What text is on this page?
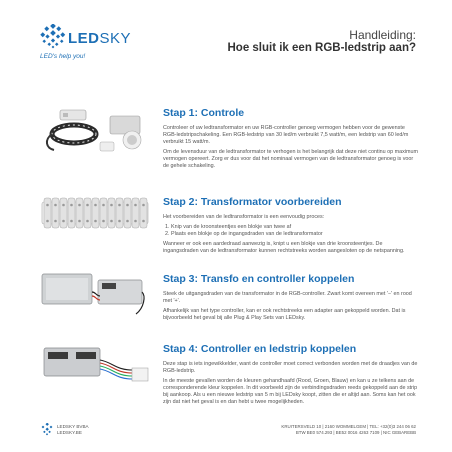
LEDSKY
LED's help you!
Handleiding:
Hoe sluit ik een RGB-ledstrip aan?
Stap 1: Controle

Controleer of uw ledtransformator en uw RGB-controller genoeg vermogen hebben voor de gewenste RGB-ledstripschakeling. Een RGB-ledstrip van 30 led/m verbruikt 7,5 watt/m, een ledstrip van 60 led/m verbruikt 15 watt/m.

Om de levensduur van de ledtransformator te verhogen is het belangrijk dat deze niet continu op maximum vermogen opereert. Zorg er dus voor dat het nominaal vermogen van de ledtransformator genoeg is voor de gehele schakeling.

Stap 2: Transformator voorbereiden

Het voorbereiden van de ledtransformator is een eenvoudig proces:

1. Knip van de kroonsteentjes een blokje van twee af
2. Plaats een blokje op de ingangsdraden van de ledtransformator

Wanneer er ook een aardedraad aanwezig is, knipt u een blokje van drie kroonsteentjes. De ingangsdraden van de ledtransformator kunnen rechtstreeks worden aangesloten op de netspanning.

Stap 3: Transfo en controller koppelen

Steek de uitgangsdraden van de transformator in de RGB-controller. Zwart komt overeen met '−' en rood met '+'.

Afhankelijk van het type controller, kan er ook rechtstreeks een adapter aan gekoppeld worden. Dat is bijvoorbeeld het geval bij alle Plug & Play Sets van LEDsky.

Stap 4: Controller en ledstrip koppelen

Deze stap is iets ingewikkelder, want de controller moet correct verbonden worden met de draadjes van de RGB-ledstrip.

In de meeste gevallen worden de kleuren gehandhaafd (Rood, Groen, Blauw) en kan u ze telkens aan de corresponderende kleur koppelen. In dit voorbeeld zijn de verbindingsdraden reeds gekoppeld aan de strip bij aankoop. Als u een nieuwe ledstrip van 5 m bij LEDsky koopt, zitten die er altijd aan. Soms kan het ook zijn dat niet het geval is en dan hebt u twee mogelijkheden.

LEDSKY BVBA
LEDSKY.BE
KRUITERSVELD 10 | 2160 WOMMELGEM | TEL: +32(0)3 244 06 62
BTW BE0 574.293 | BE52 0016 4263 7109 | NIC GEBAREBB
